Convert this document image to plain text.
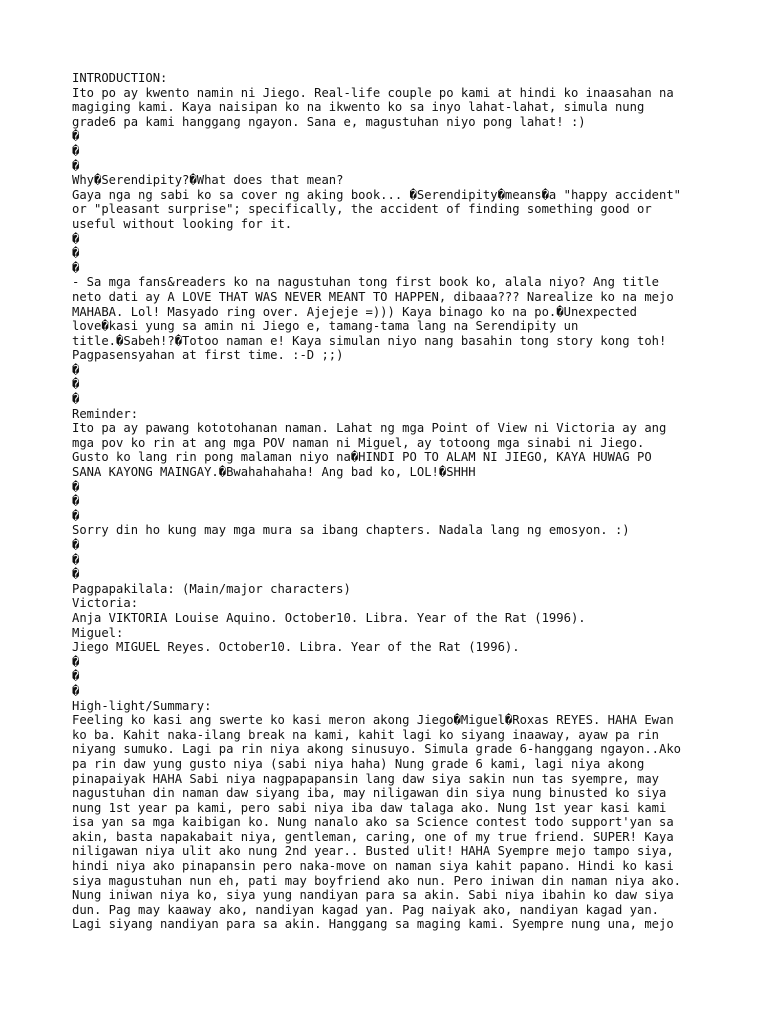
INTRODUCTION:
Ito po ay kwento namin ni Jiego. Real-life couple po kami at hindi ko inaasahan na
magiging kami. Kaya naisipan ko na ikwento ko sa inyo lahat-lahat, simula nung
grade6 pa kami hanggang ngayon. Sana e, magustuhan niyo pong lahat! :)
�
�
�
Why�Serendipity?�What does that mean?
Gaya nga ng sabi ko sa cover ng aking book... �Serendipity�means�a "happy accident"
or "pleasant surprise"; specifically, the accident of finding something good or
useful without looking for it.
�
�
�
- Sa mga fans&readers ko na nagustuhan tong first book ko, alala niyo? Ang title
neto dati ay A LOVE THAT WAS NEVER MEANT TO HAPPEN, dibaaa??? Narealize ko na mejo
MAHABA. Lol! Masyado ring over. Ajejeje =))) Kaya binago ko na po.�Unexpected
love�kasi yung sa amin ni Jiego e, tamang-tama lang na Serendipity un
title.�Sabeh!?�Totoo naman e! Kaya simulan niyo nang basahin tong story kong toh!
Pagpasensyahan at first time. :-D ;;)
�
�
�
Reminder:
Ito pa ay pawang kototohanan naman. Lahat ng mga Point of View ni Victoria ay ang
mga pov ko rin at ang mga POV naman ni Miguel, ay totoong mga sinabi ni Jiego.
Gusto ko lang rin pong malaman niyo na�HINDI PO TO ALAM NI JIEGO, KAYA HUWAG PO
SANA KAYONG MAINGAY.�Bwahahahaha! Ang bad ko, LOL!�SHHH
�
�
�
Sorry din ho kung may mga mura sa ibang chapters. Nadala lang ng emosyon. :)
�
�
�
Pagpapakilala: (Main/major characters)
Victoria:
Anja VIKTORIA Louise Aquino. October10. Libra. Year of the Rat (1996).
Miguel:
Jiego MIGUEL Reyes. October10. Libra. Year of the Rat (1996).
�
�
�
High-light/Summary:
Feeling ko kasi ang swerte ko kasi meron akong Jiego�Miguel�Roxas REYES. HAHA Ewan
ko ba. Kahit naka-ilang break na kami, kahit lagi ko siyang inaaway, ayaw pa rin
niyang sumuko. Lagi pa rin niya akong sinusuyo. Simula grade 6-hanggang ngayon..Ako
pa rin daw yung gusto niya (sabi niya haha) Nung grade 6 kami, lagi niya akong
pinapaiyak HAHA Sabi niya nagpapapansin lang daw siya sakin nun tas syempre, may
nagustuhan din naman daw siyang iba, may niligawan din siya nung binusted ko siya
nung 1st year pa kami, pero sabi niya iba daw talaga ako. Nung 1st year kasi kami
isa yan sa mga kaibigan ko. Nung nanalo ako sa Science contest todo support'yan sa
akin, basta napakabait niya, gentleman, caring, one of my true friend. SUPER! Kaya
niligawan niya ulit ako nung 2nd year.. Busted ulit! HAHA Syempre mejo tampo siya,
hindi niya ako pinapansin pero naka-move on naman siya kahit papano. Hindi ko kasi
siya magustuhan nun eh, pati may boyfriend ako nun. Pero iniwan din naman niya ako.
Nung iniwan niya ko, siya yung nandiyan para sa akin. Sabi niya ibahin ko daw siya
dun. Pag may kaaway ako, nandiyan kagad yan. Pag naiyak ako, nandiyan kagad yan.
Lagi siyang nandiyan para sa akin. Hanggang sa maging kami. Syempre nung una, mejo
